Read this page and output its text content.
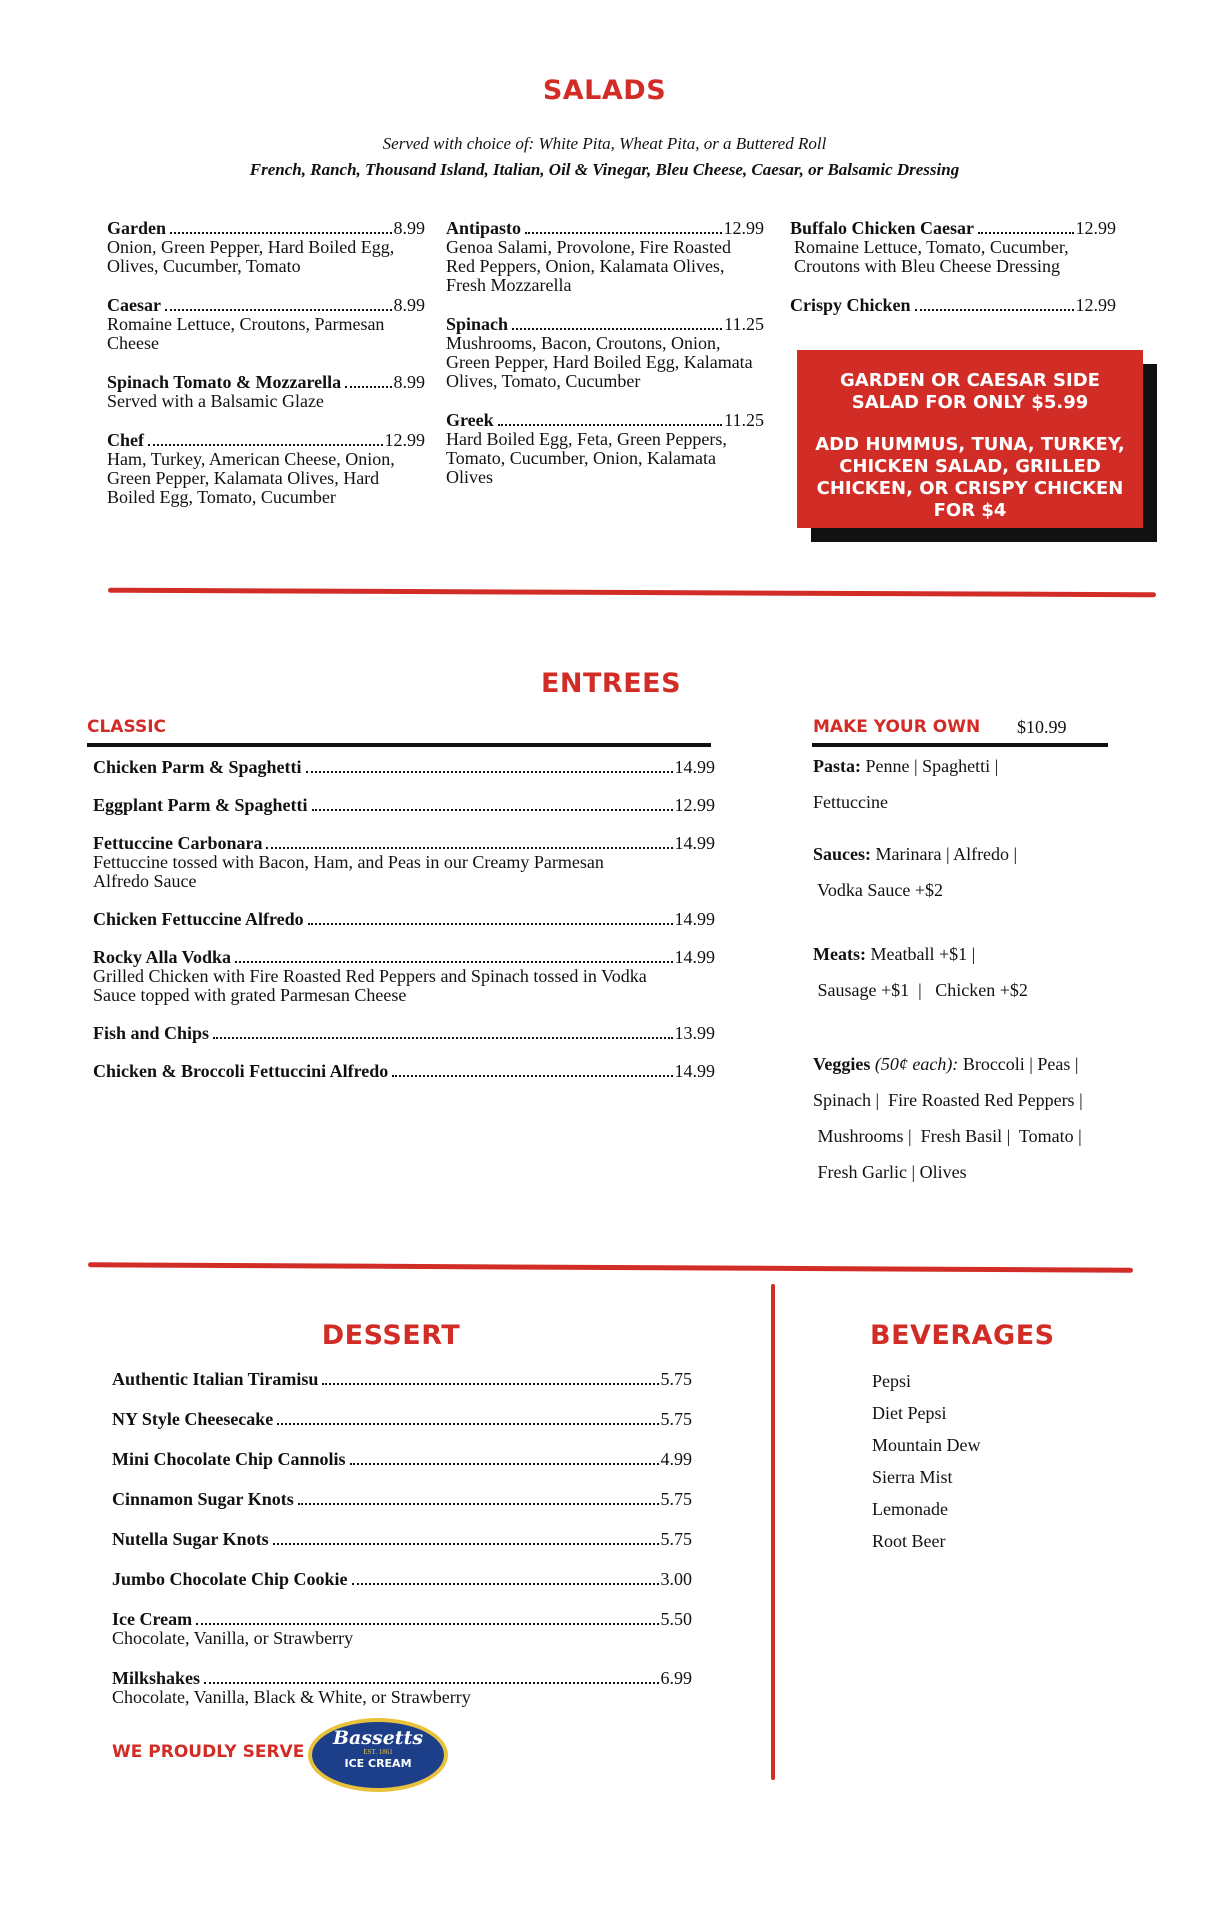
SALADS
Served with choice of: White Pita, Wheat Pita, or a Buttered Roll
French, Ranch, Thousand Island, Italian, Oil & Vinegar, Bleu Cheese, Caesar, or Balsamic Dressing
Garden	8.99
Onion, Green Pepper, Hard Boiled Egg, Olives, Cucumber, Tomato
Caesar	8.99
Romaine Lettuce, Croutons, Parmesan Cheese
Spinach Tomato & Mozzarella	8.99
Served with a Balsamic Glaze
Chef	12.99
Ham, Turkey, American Cheese, Onion, Green Pepper, Kalamata Olives, Hard Boiled Egg, Tomato, Cucumber
Antipasto	12.99
Genoa Salami, Provolone, Fire Roasted Red Peppers, Onion, Kalamata Olives, Fresh Mozzarella
Spinach	11.25
Mushrooms, Bacon, Croutons, Onion, Green Pepper, Hard Boiled Egg, Kalamata Olives, Tomato, Cucumber
Greek	11.25
Hard Boiled Egg, Feta, Green Peppers, Tomato, Cucumber, Onion, Kalamata Olives
Buffalo Chicken Caesar	12.99
Romaine Lettuce, Tomato, Cucumber, Croutons with Bleu Cheese Dressing
Crispy Chicken	12.99
GARDEN OR CAESAR SIDE SALAD FOR ONLY $5.99
ADD HUMMUS, TUNA, TURKEY, CHICKEN SALAD, GRILLED CHICKEN, OR CRISPY CHICKEN FOR $4
ENTREES
CLASSIC
Chicken Parm & Spaghetti	14.99
Eggplant Parm & Spaghetti	12.99
Fettuccine Carbonara	14.99
Fettuccine tossed with Bacon, Ham, and Peas in our Creamy Parmesan Alfredo Sauce
Chicken Fettuccine Alfredo	14.99
Rocky Alla Vodka	14.99
Grilled Chicken with Fire Roasted Red Peppers and Spinach tossed in Vodka Sauce topped with grated Parmesan Cheese
Fish and Chips	13.99
Chicken & Broccoli Fettuccini Alfredo	14.99
MAKE YOUR OWN $10.99
Pasta: Penne | Spaghetti |
Fettuccine
Sauces: Marinara | Alfredo |
Vodka Sauce +$2
Meats: Meatball +$1 |
Sausage +$1  |   Chicken +$2
Veggies (50¢ each): Broccoli | Peas |
Spinach |  Fire Roasted Red Peppers |
Mushrooms |  Fresh Basil |  Tomato |
Fresh Garlic | Olives
DESSERT
Authentic Italian Tiramisu	5.75
NY Style Cheesecake	5.75
Mini Chocolate Chip Cannolis	4.99
Cinnamon Sugar Knots	5.75
Nutella Sugar Knots	5.75
Jumbo Chocolate Chip Cookie	3.00
Ice Cream	5.50
Chocolate, Vanilla, or Strawberry
Milkshakes	6.99
Chocolate, Vanilla, Black & White, or Strawberry
WE PROUDLY SERVE
Bassetts
EST. 1861
ICE CREAM
BEVERAGES
Pepsi
Diet Pepsi
Mountain Dew
Sierra Mist
Lemonade
Root Beer
